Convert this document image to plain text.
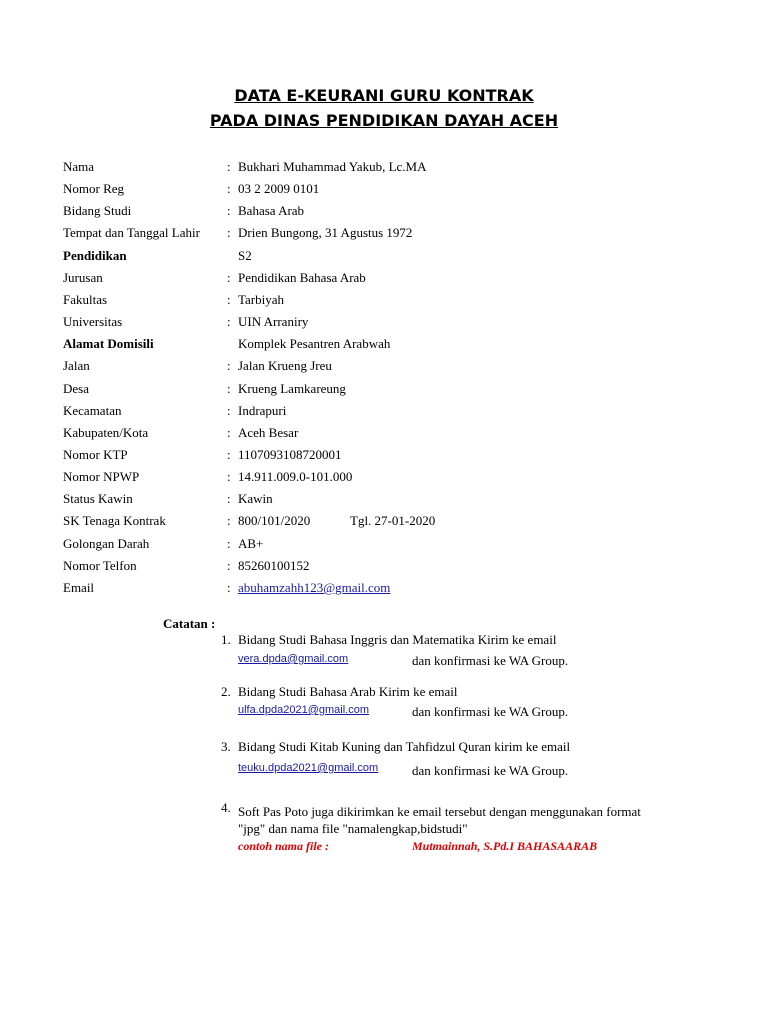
DATA E-KEURANI GURU KONTRAK
PADA DINAS PENDIDIKAN DAYAH ACEH
Nama	: Bukhari Muhammad Yakub, Lc.MA
Nomor Reg	: 03 2 2009 0101
Bidang Studi	: Bahasa Arab
Tempat dan Tanggal Lahir : Drien Bungong, 31 Agustus 1972
Pendidikan	S2
Jurusan	: Pendidikan Bahasa Arab
Fakultas	: Tarbiyah
Universitas	: UIN Arraniry
Alamat Domisili	Komplek Pesantren Arabwah
Jalan	: Jalan Krueng Jreu
Desa	: Krueng Lamkareung
Kecamatan	: Indrapuri
Kabupaten/Kota	: Aceh Besar
Nomor KTP	: 1107093108720001
Nomor NPWP	: 14.911.009.0-101.000
Status Kawin	: Kawin
SK Tenaga Kontrak	: 800/101/2020	Tgl. 27-01-2020
Golongan Darah	: AB+
Nomor Telfon	: 85260100152
Email	: abuhamzahh123@gmail.com
Catatan :
1. Bidang Studi Bahasa Inggris dan Matematika Kirim ke email
vera.dpda@gmail.com	dan konfirmasi ke WA Group.
2. Bidang Studi Bahasa Arab Kirim ke email
ulfa.dpda2021@gmail.com	dan konfirmasi ke WA Group.
3. Bidang Studi Kitab Kuning dan Tahfidzul Quran kirim ke email
teuku.dpda2021@gmail.com	dan konfirmasi ke WA Group.
4. Soft Pas Poto juga dikirimkan ke email tersebut dengan menggunakan format
"jpg" dan nama file "namalengkap,bidstudi"
contoh nama file :	Mutmainnah, S.Pd.I BAHASAARAB
